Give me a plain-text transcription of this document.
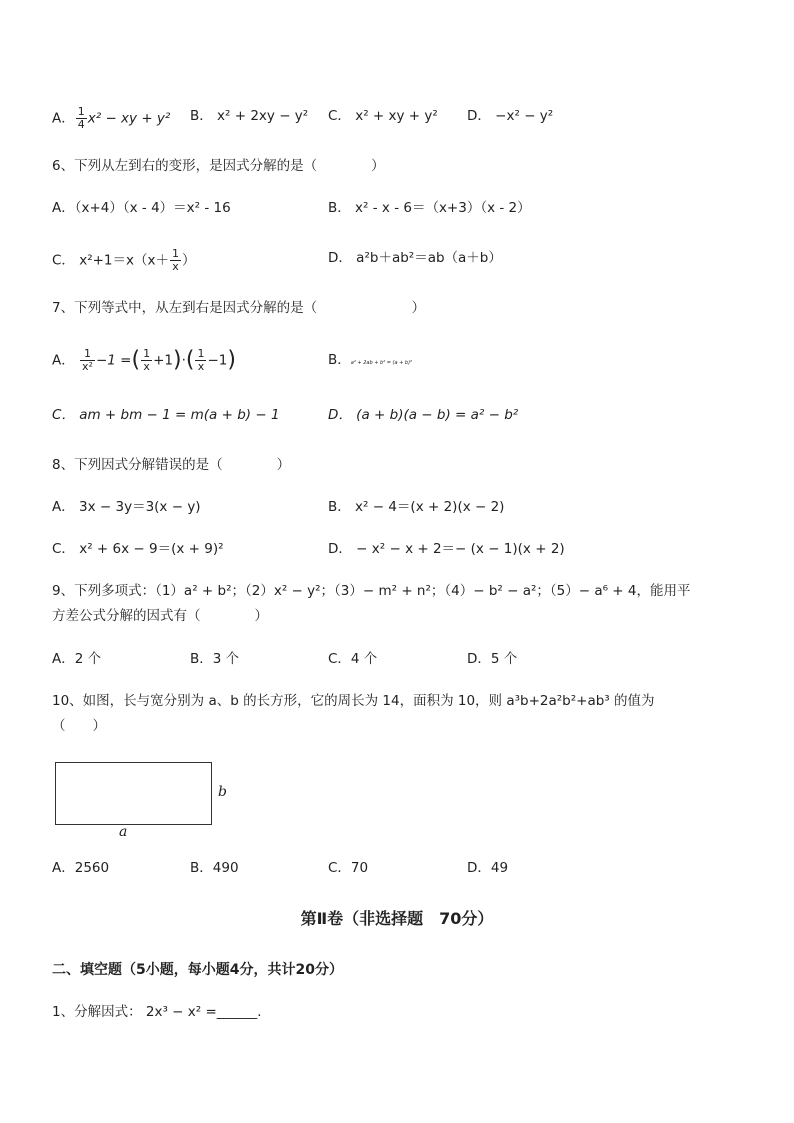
A． $\frac{1}{4} x^2$ − xy + y² B． x² + 2xy − y² C． x² + xy + y² D． −x² − y²
6、下列从左到右的变形，是因式分解的是（　　　　）
A．（x+4）（x - 4）＝x² - 16	B． x² - x - 6＝（x+3）（x - 2）
C． $x^2+1=x(x+ \frac{1}{x}$ ）	D． a²b＋ab²＝ab（a＋b）
7、下列等式中，从左到右是因式分解的是（　　　　　　　）
A． $\frac{1}{\text{x²}} -1$ =( $\frac{1}{x} +1)\cdot( \frac{1}{x} -1)$	B．a² + 2ab + b² = (a + b)²
C． am + bm − 1 = m(a + b) − 1	D． (a + b)(a − b) = a² − b²
8、下列因式分解错误的是（　　　　）
A． 3x − 3y＝3(x − y)	B． x² − 4＝(x + 2)(x − 2)
C． x² + 6x − 9＝(x + 9)²	D． − x² − x + 2＝− (x − 1)(x + 2)
9、下列多项式：（1）a² + b²；（2）x² − y²；（3）− m² + n²；（4）− b² − a²；（5）− a⁶ + 4，能用平
方差公式分解的因式有（　　　　）
A．2 个	B．3 个	C．4 个	D．5 个
10、如图，长与宽分别为 a、b 的长方形，它的周长为 14，面积为 10，则 a³b+2a²b²+ab³ 的值为
（　　）
b
a
A．2560	B．490	C．70	D．49
第Ⅱ卷（非选择题　70分）
二、填空题（5小题，每小题4分，共计20分）
1、分解因式： 2x³ − x² =______.
